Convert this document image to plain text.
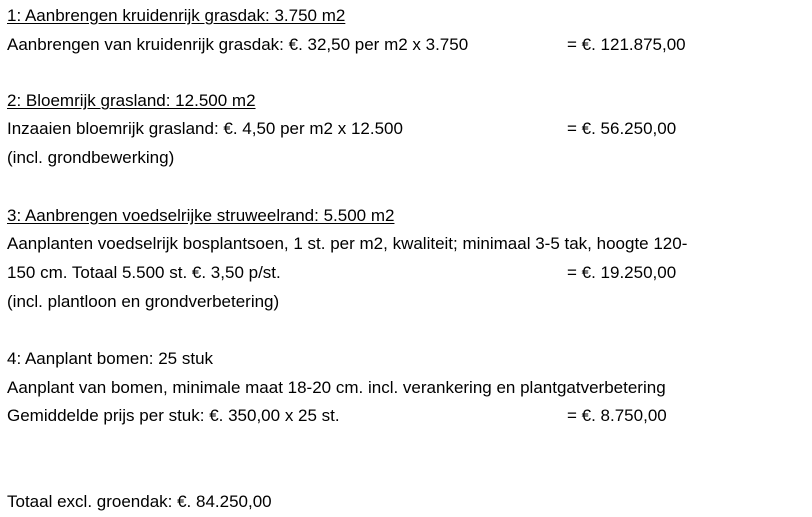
1: Aanbrengen kruidenrijk grasdak: 3.750 m2
Aanbrengen van kruidenrijk grasdak: €. 32,50 per m2 x 3.750	= €. 121.875,00
2: Bloemrijk grasland: 12.500 m2
Inzaaien bloemrijk grasland: €. 4,50 per m2 x 12.500	= €. 56.250,00
(incl. grondbewerking)
3: Aanbrengen voedselrijke struweelrand: 5.500 m2
Aanplanten voedselrijk bosplantsoen, 1 st. per m2, kwaliteit; minimaal 3-5 tak, hoogte 120-
150 cm. Totaal 5.500 st. €. 3,50 p/st.	= €. 19.250,00
(incl. plantloon en grondverbetering)
4: Aanplant bomen: 25 stuk
Aanplant van bomen, minimale maat 18-20 cm. incl. verankering en plantgatverbetering
Gemiddelde prijs per stuk: €. 350,00 x 25 st.	= €. 8.750,00
Totaal excl. groendak: €. 84.250,00
